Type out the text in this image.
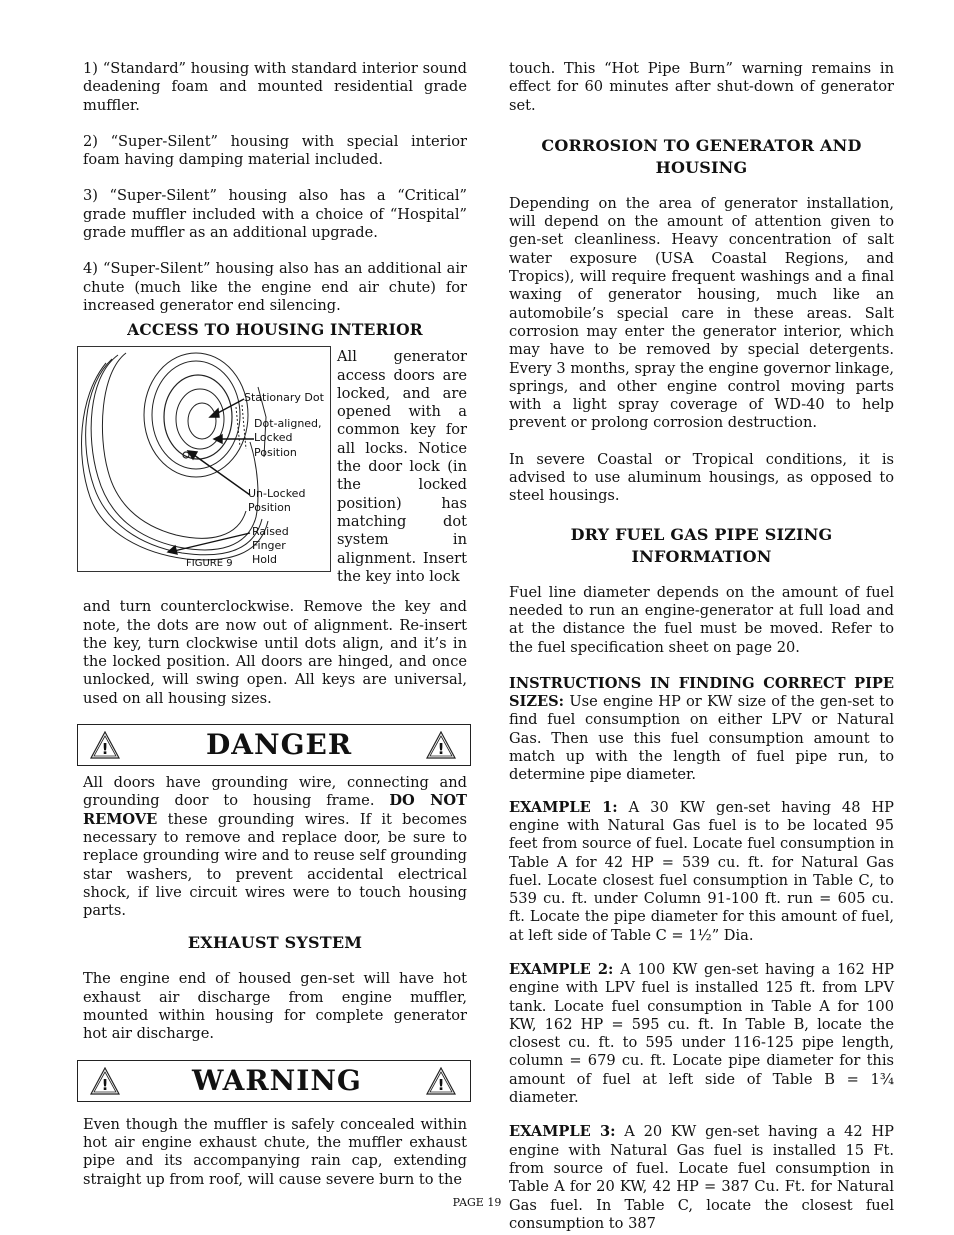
1) “Standard” housing with standard interior sound deadening foam and mounted residential grade muffler.

2) “Super-Silent” housing with special interior foam having damping material included.

3) “Super-Silent” housing also has a “Critical” grade muffler included with a choice of “Hospital” grade muffler as an additional upgrade.

4) “Super-Silent” housing also has an additional air chute (much like the engine end air chute) for increased generator end silencing.

ACCESS TO HOUSING INTERIOR
Stationary Dot
Dot-aligned,
Locked
Position
Un-Locked
Position
Raised
Finger
Hold
FIGURE 9

All generator access doors are locked, and are opened with a common key for all locks. Notice the door lock (in the locked position) has matching dot system in alignment. Insert the key into lock

and turn counterclockwise. Remove the key and note, the dots are now out of alignment. Re-insert the key, turn clockwise until dots align, and it’s in the locked position. All doors are hinged, and once unlocked, will swing open. All keys are universal, used on all housing sizes.

!	DANGER	!

All doors have grounding wire, connecting and grounding door to housing frame. DO NOT REMOVE these grounding wires. If it becomes necessary to remove and replace door, be sure to replace grounding wire and to reuse self grounding star washers, to prevent accidental electrical shock, if live circuit wires were to touch housing parts.

EXHAUST SYSTEM

The engine end of housed gen-set will have hot exhaust air discharge from engine muffler, mounted within housing for complete generator hot air discharge.

!	WARNING	!

Even though the muffler is safely concealed within hot air engine exhaust chute, the muffler exhaust pipe and its accompanying rain cap, extending straight up from roof, will cause severe burn to the

touch. This “Hot Pipe Burn” warning remains in effect for 60 minutes after shut-down of generator set.

CORROSION TO GENERATOR AND
HOUSING

Depending on the area of generator installation, will depend on the amount of attention given to gen-set cleanliness. Heavy concentration of salt water exposure (USA Coastal Regions, and Tropics), will require frequent washings and a final waxing of generator housing, much like an automobile’s special care in these areas. Salt corrosion may enter the generator interior, which may have to be removed by special detergents. Every 3 months, spray the engine governor linkage, springs, and other engine control moving parts with a light spray coverage of WD-40 to help prevent or prolong corrosion destruction.

In severe Coastal or Tropical conditions, it is advised to use aluminum housings, as opposed to steel housings.

DRY FUEL GAS PIPE SIZING
INFORMATION

Fuel line diameter depends on the amount of fuel needed to run an engine-generator at full load and at the distance the fuel must be moved. Refer to the fuel specification sheet on page 20.

INSTRUCTIONS IN FINDING CORRECT PIPE SIZES: Use engine HP or KW size of the gen-set to find fuel consumption on either LPV or Natural Gas. Then use this fuel consumption amount to match up with the length of fuel pipe run, to determine pipe diameter.

EXAMPLE 1: A 30 KW gen-set having 48 HP engine with Natural Gas fuel is to be located 95 feet from source of fuel. Locate fuel consumption in Table A for 42 HP = 539 cu. ft. for Natural Gas fuel. Locate closest fuel consumption in Table C, to 539 cu. ft. under Column 91-100 ft. run = 605 cu. ft. Locate the pipe diameter for this amount of fuel, at left side of Table C = 1½” Dia.

EXAMPLE 2: A 100 KW gen-set having a 162 HP engine with LPV fuel is installed 125 ft. from LPV tank. Locate fuel consumption in Table A for 100 KW, 162 HP = 595 cu. ft. In Table B, locate the closest cu. ft. to 595 under 116-125 pipe length, column = 679 cu. ft. Locate pipe diameter for this amount of fuel at left side of Table B = 1¾ diameter.

EXAMPLE 3: A 20 KW gen-set having a 42 HP engine with Natural Gas fuel is installed 15 Ft. from source of fuel. Locate fuel consumption in Table A for 20 KW, 42 HP = 387 Cu. Ft. for Natural Gas fuel. In Table C, locate the closest fuel consumption to 387

PAGE 19
